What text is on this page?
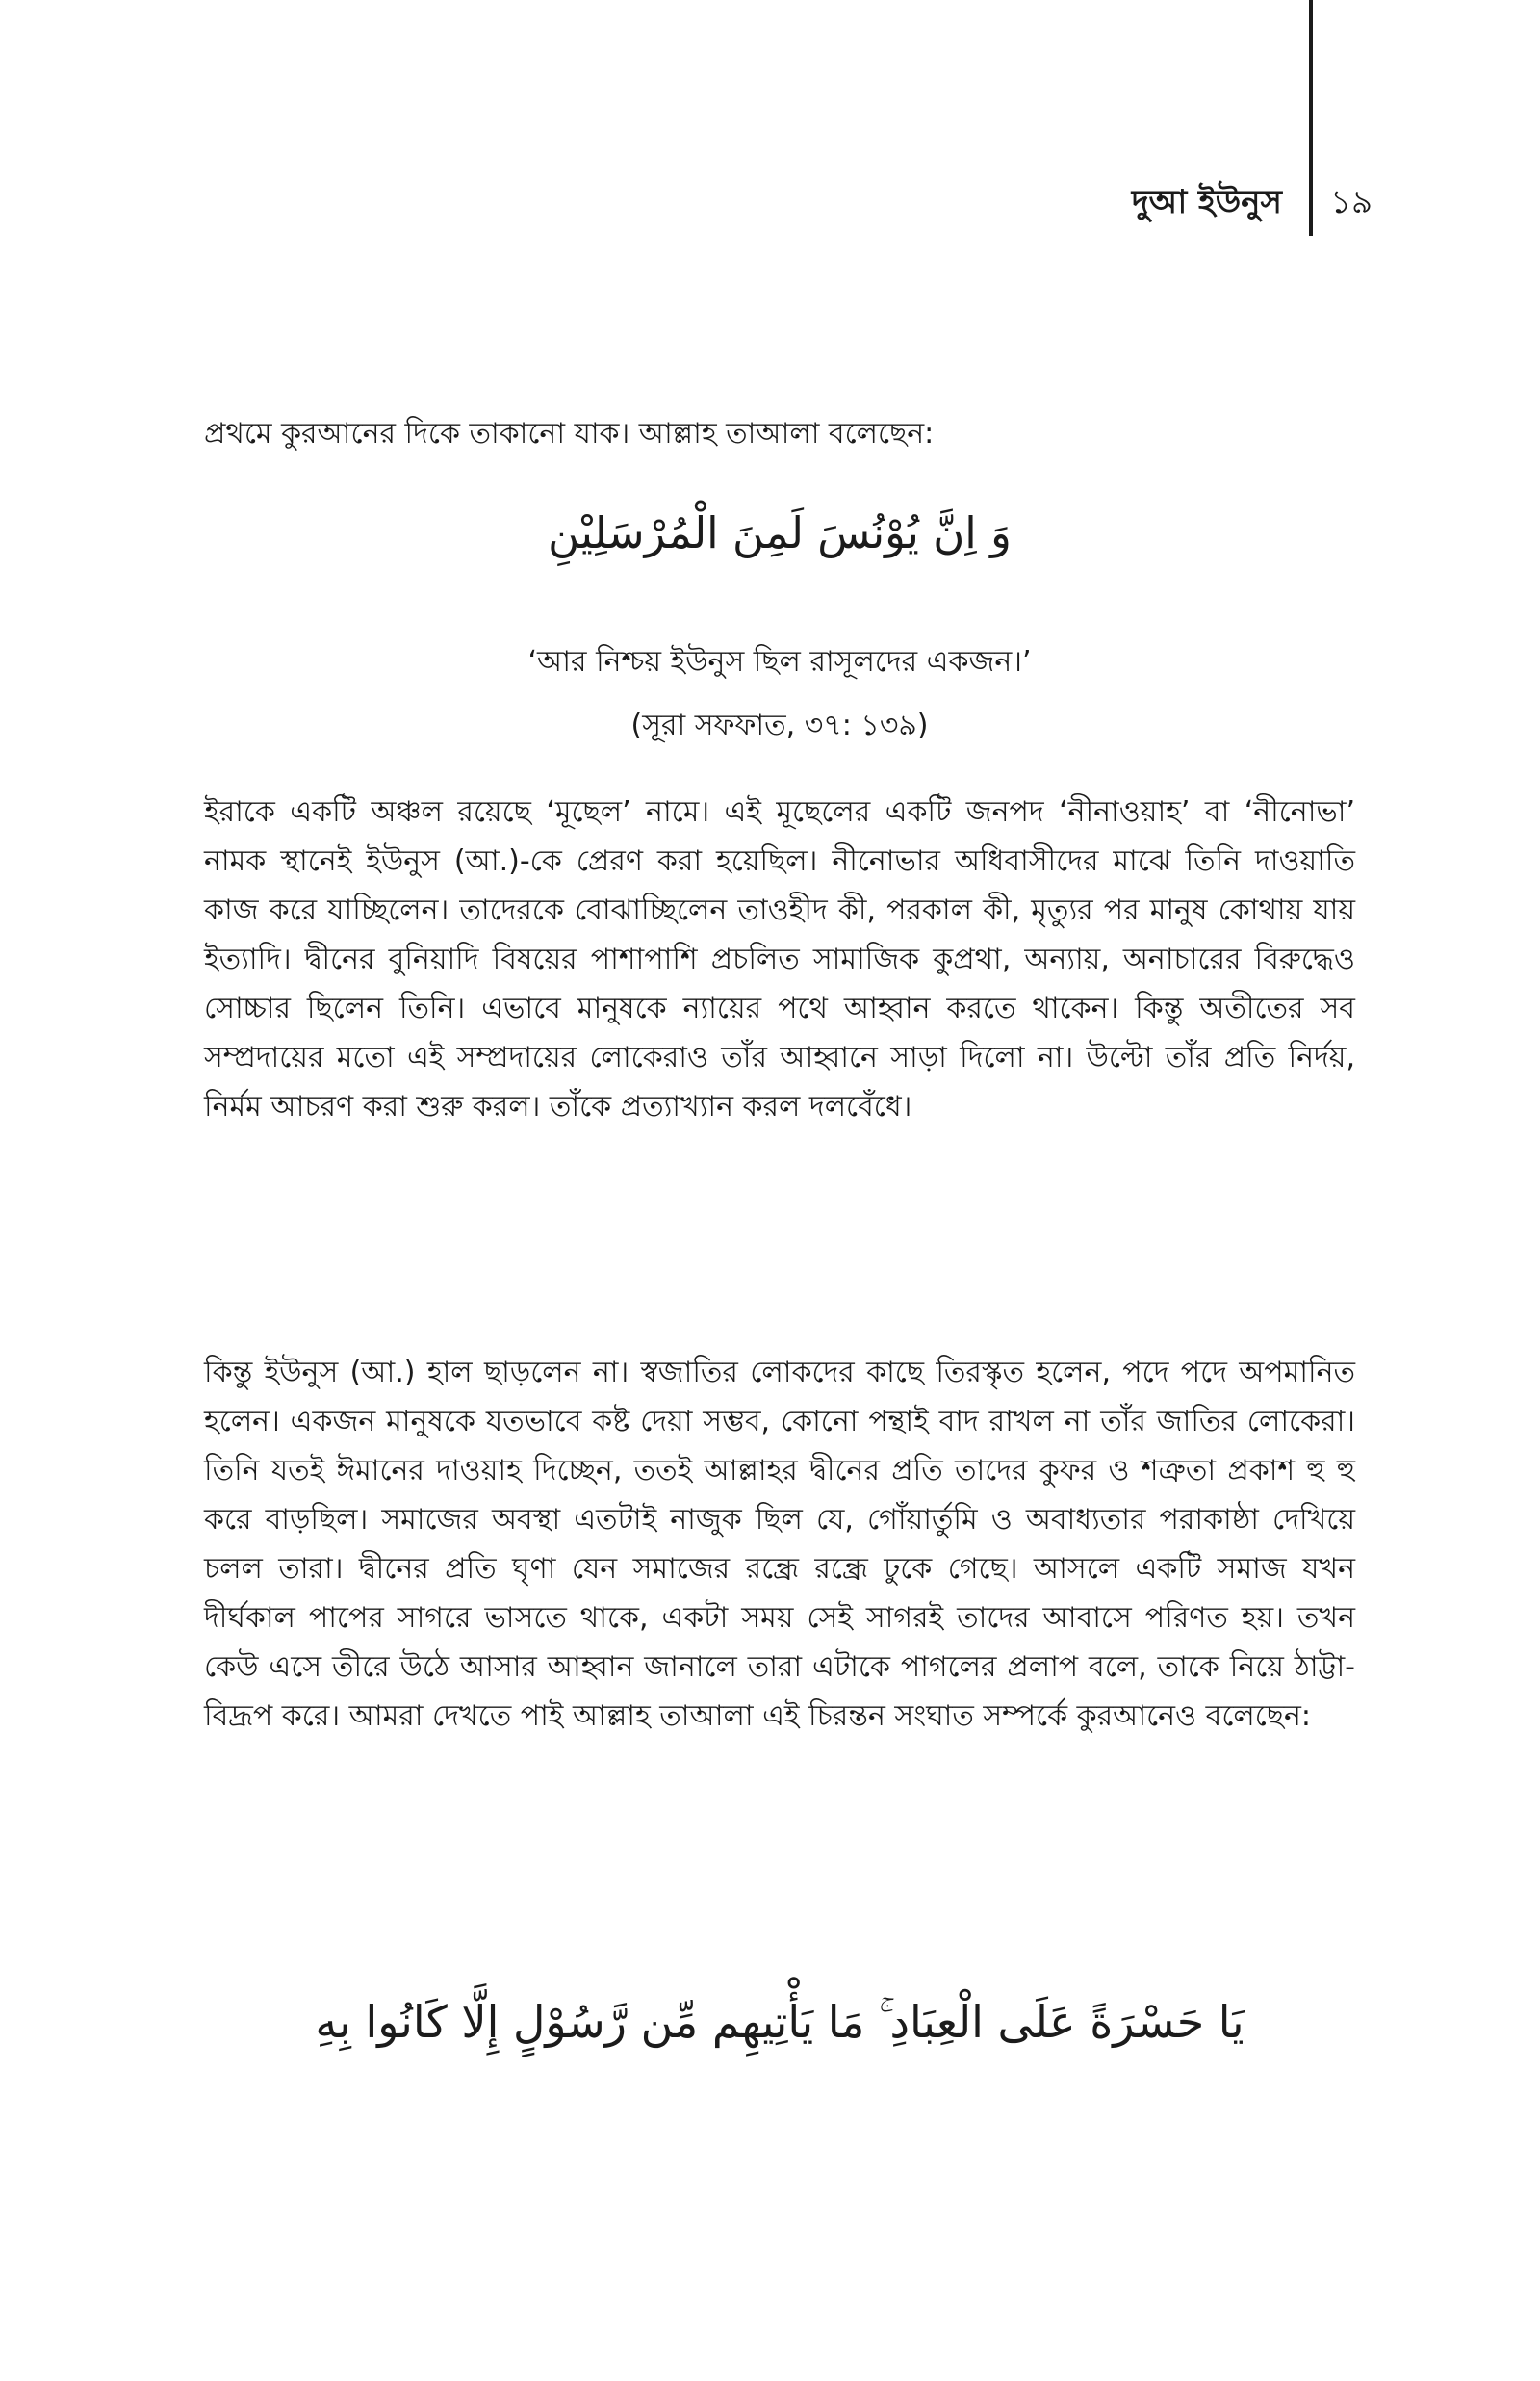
দুআ ইউনুস ১৯
প্রথমে কুরআনের দিকে তাকানো যাক। আল্লাহ তাআলা বলেছেন:
وَ اِنَّ يُوْنُسَ لَمِنَ الْمُرْسَلِيْنِ
‘আর নিশ্চয় ইউনুস ছিল রাসূলদের একজন।’
(সূরা সফফাত, ৩৭: ১৩৯)
ইরাকে একটি অঞ্চল রয়েছে ‘মূছেল’ নামে। এই মূছেলের একটি জনপদ ‘নীনাওয়াহ’ বা ‘নীনোভা’ নামক স্থানেই ইউনুস (আ.)-কে প্রেরণ করা হয়েছিল। নীনোভার অধিবাসীদের মাঝে তিনি দাওয়াতি কাজ করে যাচ্ছিলেন। তাদেরকে বোঝাচ্ছিলেন তাওহীদ কী, পরকাল কী, মৃত্যুর পর মানুষ কোথায় যায় ইত্যাদি। দ্বীনের বুনিয়াদি বিষয়ের পাশাপাশি প্রচলিত সামাজিক কুপ্রথা, অন্যায়, অনাচারের বিরুদ্ধেও সোচ্চার ছিলেন তিনি। এভাবে মানুষকে ন্যায়ের পথে আহ্বান করতে থাকেন। কিন্তু অতীতের সব সম্প্রদায়ের মতো এই সম্প্রদায়ের লোকেরাও তাঁর আহ্বানে সাড়া দিলো না। উল্টো তাঁর প্রতি নির্দয়, নির্মম আচরণ করা শুরু করল। তাঁকে প্রত্যাখ্যান করল দলবেঁধে।
কিন্তু ইউনুস (আ.) হাল ছাড়লেন না। স্বজাতির লোকদের কাছে তিরস্কৃত হলেন, পদে পদে অপমানিত হলেন। একজন মানুষকে যতভাবে কষ্ট দেয়া সম্ভব, কোনো পন্থাই বাদ রাখল না তাঁর জাতির লোকেরা। তিনি যতই ঈমানের দাওয়াহ দিচ্ছেন, ততই আল্লাহর দ্বীনের প্রতি তাদের কুফর ও শত্রুতা প্রকাশ হু হু করে বাড়ছিল। সমাজের অবস্থা এতটাই নাজুক ছিল যে, গোঁয়ার্তুমি ও অবাধ্যতার পরাকাষ্ঠা দেখিয়ে চলল তারা। দ্বীনের প্রতি ঘৃণা যেন সমাজের রন্ধ্রে রন্ধ্রে ঢুকে গেছে। আসলে একটি সমাজ যখন দীর্ঘকাল পাপের সাগরে ভাসতে থাকে, একটা সময় সেই সাগরই তাদের আবাসে পরিণত হয়। তখন কেউ এসে তীরে উঠে আসার আহ্বান জানালে তারা এটাকে পাগলের প্রলাপ বলে, তাকে নিয়ে ঠাট্টা-বিদ্রূপ করে। আমরা দেখতে পাই আল্লাহ তাআলা এই চিরন্তন সংঘাত সম্পর্কে কুরআনেও বলেছেন:
يَا حَسْرَةً عَلَى الْعِبَادِ ۚ مَا يَأْتِيهِم مِّن رَّسُوْلٍ إِلَّا كَانُوا بِهِ
